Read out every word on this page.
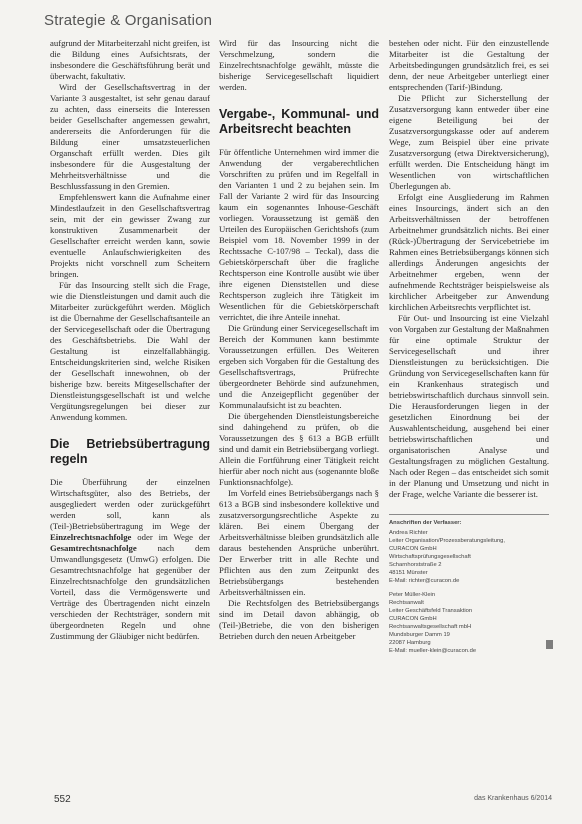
Strategie & Organisation

aufgrund der Mitarbeiterzahl nicht greifen, ist die Bildung eines Aufsichtsrats, der insbesondere die Geschäftsführung berät und überwacht, fakultativ.

Wird der Gesellschaftsvertrag in der Variante 3 ausgestaltet, ist sehr genau darauf zu achten, dass einerseits die Interessen beider Gesellschafter angemessen gewahrt, andererseits die Anforderungen für die Bildung einer umsatzsteuerlichen Organschaft erfüllt werden. Dies gilt insbesondere für die Ausgestaltung der Mehrheitsverhältnisse und die Beschlussfassung in den Gremien.

Empfehlenswert kann die Aufnahme einer Mindestlaufzeit in den Gesellschaftsvertrag sein, mit der ein gewisser Zwang zur konstruktiven Zusammenarbeit der Gesellschafter erreicht werden kann, sowie eventuelle Anlaufschwierigkeiten des Projekts nicht vorschnell zum Scheitern bringen.

Für das Insourcing stellt sich die Frage, wie die Dienstleistungen und damit auch die Mitarbeiter zurückgeführt werden. Möglich ist die Übernahme der Gesellschaftsanteile an der Servicegesellschaft oder die Übertragung des Geschäftsbetriebs. Die Wahl der Gestaltung ist einzelfallabhängig. Entscheidungskriterien sind, welche Risiken der Gesellschaft innewohnen, ob der bisherige bzw. bereits Mitgesellschafter der Dienstleistungsgesellschaft ist und welche Vergütungsregelungen bei dieser zur Anwendung kommen.

Die Betriebsübertragung regeln

Die Überführung der einzelnen Wirtschaftsgüter, also des Betriebs, der ausgegliedert werden oder zurückgeführt werden soll, kann als (Teil-)Betriebsübertragung im Wege der Einzelrechtsnachfolge oder im Wege der Gesamtrechtsnachfolge nach dem Umwandlungsgesetz (UmwG) erfolgen. Die Gesamtrechtsnachfolge hat gegenüber der Einzelrechtsnachfolge den grundsätzlichen Vorteil, dass die Vermögenswerte und Verträge des Übertragenden nicht einzeln verschieden der Rechtsträger, sondern mit übergeordneten Regeln und ohne Zustimmung der Gläubiger nicht bedürfen.

Wird für das Insourcing nicht die Verschmelzung, sondern die Einzelrechtsnachfolge gewählt, müsste die bisherige Servicegesellschaft liquidiert werden.

Vergabe-, Kommunal- und Arbeitsrecht beachten

Für öffentliche Unternehmen wird immer die Anwendung der vergaberechtlichen Vorschriften zu prüfen und im Regelfall in den Varianten 1 und 2 zu bejahen sein. Im Fall der Variante 2 wird für das Insourcing kaum ein sogenanntes Inhouse-Geschäft vorliegen. Voraussetzung ist gemäß den Urteilen des Europäischen Gerichtshofs (zum Beispiel vom 18. November 1999 in der Rechtssache C-107/98 – Teckal), dass die Gebietskörperschaft über die fragliche Rechtsperson eine Kontrolle ausübt wie über ihre eigenen Dienststellen und diese Rechtsperson zugleich ihre Tätigkeit im Wesentlichen für die Gebietskörperschaft verrichtet, die ihre Anteile innehat.

Die Gründung einer Servicegesellschaft im Bereich der Kommunen kann bestimmte Voraussetzungen erfüllen. Des Weiteren ergeben sich Vorgaben für die Gestaltung des Gesellschaftsvertrags, Prüfrechte übergeordneter Behörde sind aufzunehmen, und die Anzeigepflicht gegenüber der Kommunalaufsicht ist zu beachten.

Die übergehenden Dienstleistungsbereiche sind dahingehend zu prüfen, ob die Voraussetzungen des § 613 a BGB erfüllt sind und damit ein Betriebsübergang vorliegt. Allein die Fortführung einer Tätigkeit reicht hierfür aber noch nicht aus (sogenannte bloße Funktionsnachfolge).

Im Vorfeld eines Betriebsübergangs nach § 613 a BGB sind insbesondere kollektive und zusatzversorgungsrechtliche Aspekte zu klären. Bei einem Übergang der Arbeitsverhältnisse bleiben grundsätzlich alle daraus bestehenden Ansprüche unberührt. Der Erwerber tritt in alle Rechte und Pflichten aus den zum Zeitpunkt des Betriebsübergangs bestehenden Arbeitsverhältnissen ein.

Die Rechtsfolgen des Betriebsübergangs sind im Detail davon abhängig, ob (Teil-)Betriebe, die von den bisherigen Betrieben durch den neuen Arbeitgeber

bestehen oder nicht. Für den einzustellende Mitarbeiter ist die Gestaltung der Arbeitsbedingungen grundsätzlich frei, es sei denn, der neue Arbeitgeber unterliegt einer entsprechenden (Tarif-)Bindung.

Die Pflicht zur Sicherstellung der Zusatzversorgung kann entweder über eine eigene Beteiligung bei der Zusatzversorgungskasse oder auf anderem Wege, zum Beispiel über eine private Zusatzversorgung (etwa Direktversicherung), erfüllt werden. Die Entscheidung hängt im Wesentlichen von wirtschaftlichen Überlegungen ab.

Erfolgt eine Ausgliederung im Rahmen eines Insourcings, ändert sich an den Arbeitsverhältnissen der betroffenen Arbeitnehmer grundsätzlich nichts. Bei einer (Rück-)Übertragung der Servicebetriebe im Rahmen eines Betriebsübergangs können sich allerdings Änderungen angesichts der Arbeitnehmer ergeben, wenn der aufnehmende Rechtsträger beispielsweise als kirchlicher Arbeitgeber zur Anwendung kirchlichen Arbeitsrechts verpflichtet ist.

Für Out- und Insourcing ist eine Vielzahl von Vorgaben zur Gestaltung der Maßnahmen für eine optimale Struktur der Servicegesellschaft und ihrer Dienstleistungen zu berücksichtigen. Die Gründung von Servicegesellschaften kann für ein Krankenhaus strategisch und betriebswirtschaftlich durchaus sinnvoll sein. Die Herausforderungen liegen in der gesetzlichen Einordnung bei der Auswahlentscheidung, ausgehend bei einer betriebswirtschaftlichen und organisatorischen Analyse und Gestaltungsfragen zu möglichen Gestaltung. Nach oder Regen – das entscheidet sich somit in der Planung und Umsetzung und nicht in der Frage, welche Variante die besserer ist.

Anschriften der Verfasser:
Andrea Richter
Leiter Organisation/Prozessberatungsleitung,
CURACON GmbH
Wirtschaftsprüfungsgesellschaft
Scharnhorststraße 2
48151 Münster
E-Mail: richter@curacon.de
Peter Müller-Klein
Rechtsanwalt
Leiter Geschäftsfeld Transaktion
CURACON GmbH
Rechtsanwaltsgesellschaft mbH
Mundsburger Damm 19
22087 Hamburg
E-Mail: mueller-klein@curacon.de
552	das Krankenhaus 6/2014
